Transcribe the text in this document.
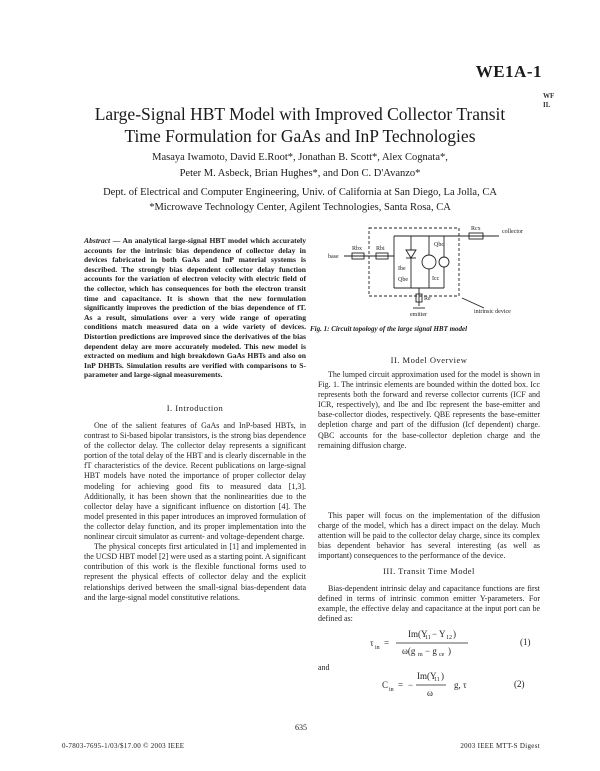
WE1A-1
WF
IL
Large-Signal HBT Model with Improved Collector Transit
Time Formulation for GaAs and InP Technologies
Masaya Iwamoto, David E.Root*, Jonathan B. Scott*, Alex Cognata*,
Peter M. Asbeck, Brian Hughes*, and Don C. D'Avanzo*
Dept. of Electrical and Computer Engineering, Univ. of California at San Diego, La Jolla, CA
*Microwave Technology Center, Agilent Technologies, Santa Rosa, CA
Abstract — An analytical large-signal HBT model which accurately accounts for the intrinsic bias dependence of collector delay in devices fabricated in both GaAs and InP material systems is described. The strongly bias dependent collector delay function accounts for the variation of electron velocity with electric field of the collector, which has consequences for both the electron transit time and capacitance. It is shown that the new formulation significantly improves the prediction of the bias dependence of fT. As a result, simulations over a very wide range of operating conditions match measured data on a wide variety of devices. Distortion predictions are improved since the derivatives of the bias dependent delay are more accurately modeled. This new model is extracted on medium and high breakdown GaAs HBTs and also on InP DHBTs. Simulation results are verified with comparisons to S-parameter and large-signal measurements.
I. Introduction

One of the salient features of GaAs and InP-based HBTs, in contrast to Si-based bipolar transistors, is the strong bias dependence of the collector delay. The collector delay represents a significant portion of the total delay of the HBT and is clearly discernable in the fT characteristics of the device. Recent publications on large-signal HBT models have noted the importance of proper collector delay modeling for achieving good fits to measured data [1,3]. Additionally, it has been shown that the nonlinearities due to the collector delay have a significant influence on distortion [4]. The model presented in this paper introduces an improved formulation of the collector delay function, and its proper implementation into the nonlinear circuit simulator as current- and voltage-dependent charge.

The physical concepts first articulated in [1] and implemented in the UCSD HBT model [2] were used as a starting point. A significant contribution of this work is the flexible functional forms used to represent the physical effects of collector delay and the explicit relationships derived between the small-signal bias-dependent data and the large-signal model constitutive relations.

base
collector
emitter	intrinsic device
Rbx Rbi
Rcx
Re
Ibe
Icc
Qbe
Qbc
Fig. 1: Circuit topology of the large signal HBT model
II. Model Overview

The lumped circuit approximation used for the model is shown in Fig. 1. The intrinsic elements are bounded within the dotted box. Icc represents both the forward and reverse collector currents (ICF and ICR, respectively), and Ibe and Ibc represent the base-emitter and base-collector diodes, respectively. QBE represents the base-emitter depletion charge and part of the diffusion (Icf dependent) charge. QBC accounts for the base-collector depletion charge and the remaining diffusion charge.

This paper will focus on the implementation of the diffusion charge of the model, which has a direct impact on the delay. Much attention will be paid to the collector delay charge, since its complex bias dependent behavior has several interesting (as well as important) consequences to the performance of the device.

III. Transit Time Model

Bias-dependent intrinsic delay and capacitance functions are first defined in terms of intrinsic common emitter Y-parameters. For example, the effective delay and capacitance at the input port can be defined as:

τ in =
Im(Y
11 − Y 12 )
ω(g m − g ce )
(1)
and
C in = −
Im(Y
11 )
ω
g, τ	(2)
635
0-7803-7695-1/03/$17.00 © 2003 IEEE	2003 IEEE MTT-S Digest
